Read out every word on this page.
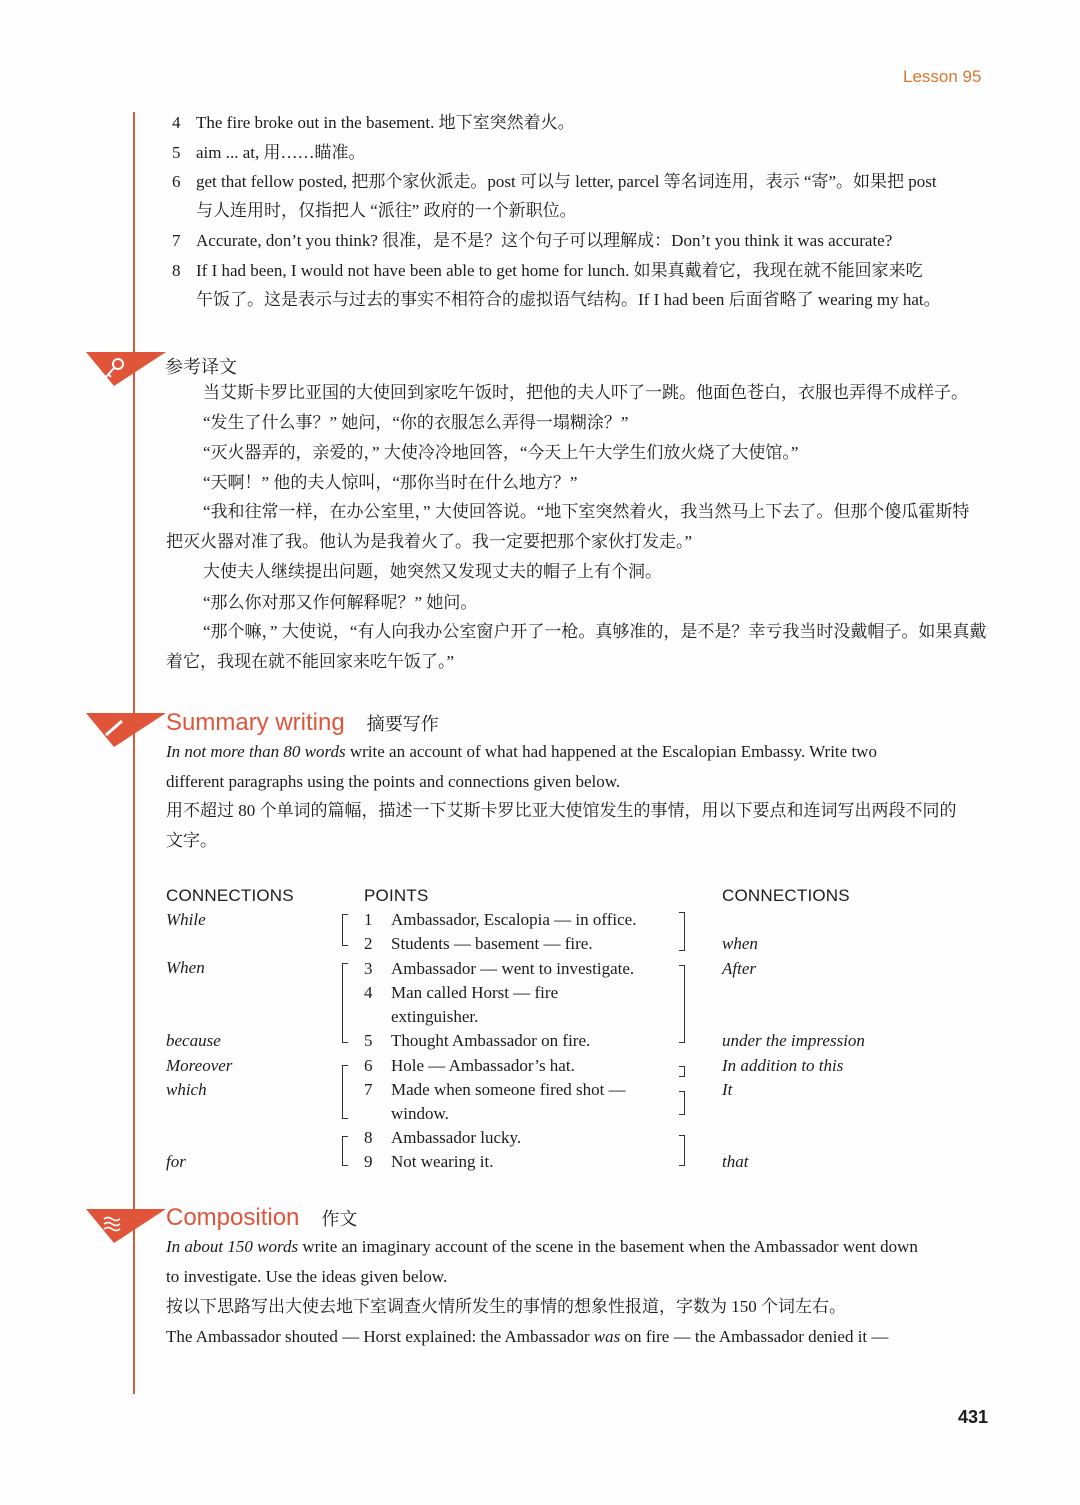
Lesson 95
4 The fire broke out in the basement. 地下室突然着火。
5 aim ... at, 用……瞄准。
6 get that fellow posted, 把那个家伙派走。post 可以与 letter, parcel 等名词连用，表示 “寄”。如果把 post
与人连用时，仅指把人 “派往” 政府的一个新职位。
7 Accurate, don’t you think? 很准，是不是？这个句子可以理解成：Don’t you think it was accurate?
8 If I had been, I would not have been able to get home for lunch. 如果真戴着它，我现在就不能回家来吃
午饭了。这是表示与过去的事实不相符合的虚拟语气结构。If I had been 后面省略了 wearing my hat。
参考译文
当艾斯卡罗比亚国的大使回到家吃午饭时，把他的夫人吓了一跳。他面色苍白，衣服也弄得不成样子。
“发生了什么事？” 她问，“你的衣服怎么弄得一塌糊涂？”
“灭火器弄的，亲爱的，” 大使冷冷地回答，“今天上午大学生们放火烧了大使馆。”
“天啊！” 他的夫人惊叫，“那你当时在什么地方？”
“我和往常一样，在办公室里，” 大使回答说。“地下室突然着火，我当然马上下去了。但那个傻瓜霍斯特
把灭火器对准了我。他认为是我着火了。我一定要把那个家伙打发走。”
大使夫人继续提出问题，她突然又发现丈夫的帽子上有个洞。
“那么你对那又作何解释呢？” 她问。
“那个嘛，” 大使说，“有人向我办公室窗户开了一枪。真够准的，是不是？幸亏我当时没戴帽子。如果真戴
着它，我现在就不能回家来吃午饭了。”
Summary writing 摘要写作
In not more than 80 words write an account of what had happened at the Escalopian Embassy. Write two
different paragraphs using the points and connections given below.
用不超过 80 个单词的篇幅，描述一下艾斯卡罗比亚大使馆发生的事情，用以下要点和连词写出两段不同的
文字。
CONNECTIONS	POINTS	CONNECTIONS
While
When
because
Moreover
which
for
1 Ambassador, Escalopia — in office.
2 Students — basement — fire.
3 Ambassador — went to investigate.
4 Man called Horst — fire
extinguisher.
5 Thought Ambassador on fire.
6 Hole — Ambassador’s hat.
7 Made when someone fired shot —
window.
8 Ambassador lucky.
9 Not wearing it.
when
After
under the impression
In addition to this
It
that
Composition 作文
In about 150 words write an imaginary account of the scene in the basement when the Ambassador went down
to investigate. Use the ideas given below.
按以下思路写出大使去地下室调查火情所发生的事情的想象性报道，字数为 150 个词左右。
The Ambassador shouted — Horst explained: the Ambassador was on fire — the Ambassador denied it —
431
